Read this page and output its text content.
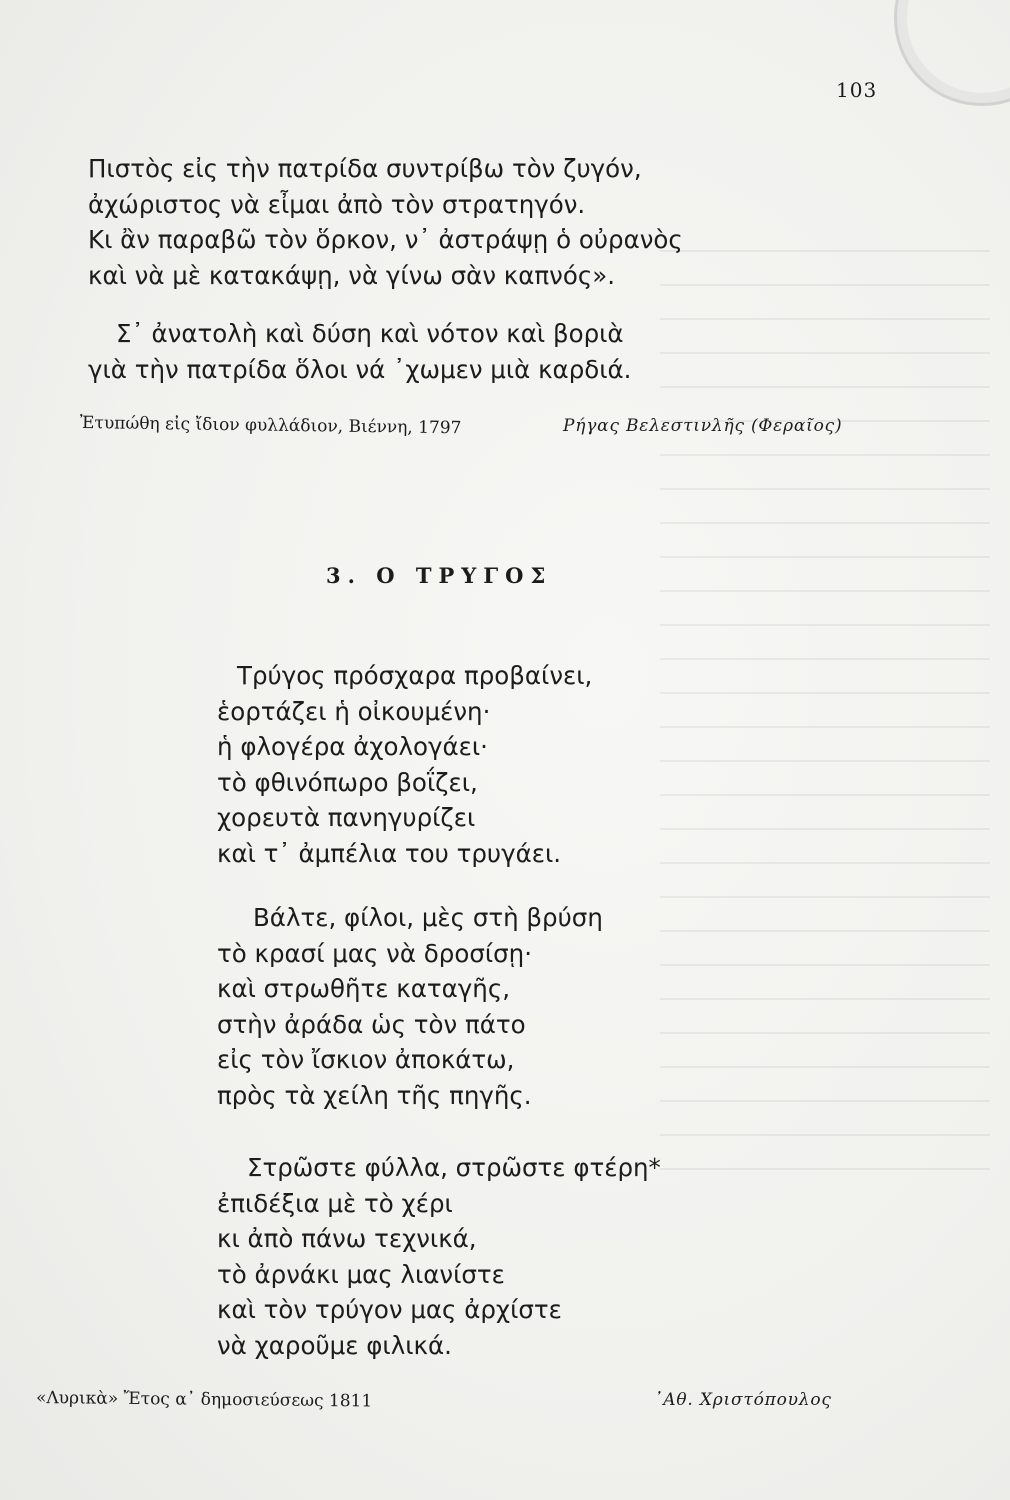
103
Πιστὸς εἰς τὴν πατρίδα συντρίβω τὸν ζυγόν,
ἀχώριστος νὰ εἶμαι ἀπὸ τὸν στρατηγόν.
Κι ἂν παραβῶ τὸν ὅρκον, ν᾽ ἀστράψῃ ὁ οὐρανὸς
καὶ νὰ μὲ κατακάψῃ, νὰ γίνω σὰν καπνός».
Σ᾽ ἀνατολὴ καὶ δύση καὶ νότον καὶ βοριὰ
γιὰ τὴν πατρίδα ὅλοι νά ᾽χωμεν μιὰ καρδιά.
Ἐτυπώθη εἰς ἴδιον φυλλάδιον, Βιέννη, 1797	Ρήγας Βελεστινλῆς (Φεραῖος)
3. Ο ΤΡΥΓΟΣ
Τρύγος πρόσχαρα προβαίνει,
ἑορτάζει ἡ οἰκουμένη·
ἡ φλογέρα ἀχολογάει·
τὸ φθινόπωρο βοΐζει,
χορευτὰ πανηγυρίζει
καὶ τ᾽ ἀμπέλια του τρυγάει.
Βάλτε, φίλοι, μὲς στὴ βρύση
τὸ κρασί μας νὰ δροσίσῃ·
καὶ στρωθῆτε καταγῆς,
στὴν ἀράδα ὡς τὸν πάτο
εἰς τὸν ἴσκιον ἀποκάτω,
πρὸς τὰ χείλη τῆς πηγῆς.
Στρῶστε φύλλα, στρῶστε φτέρη*
ἐπιδέξια μὲ τὸ χέρι
κι ἀπὸ πάνω τεχνικά,
τὸ ἀρνάκι μας λιανίστε
καὶ τὸν τρύγον μας ἀρχίστε
νὰ χαροῦμε φιλικά.
«Λυρικὰ» Ἔτος α᾽ δημοσιεύσεως 1811	᾽Αθ. Χριστόπουλος
